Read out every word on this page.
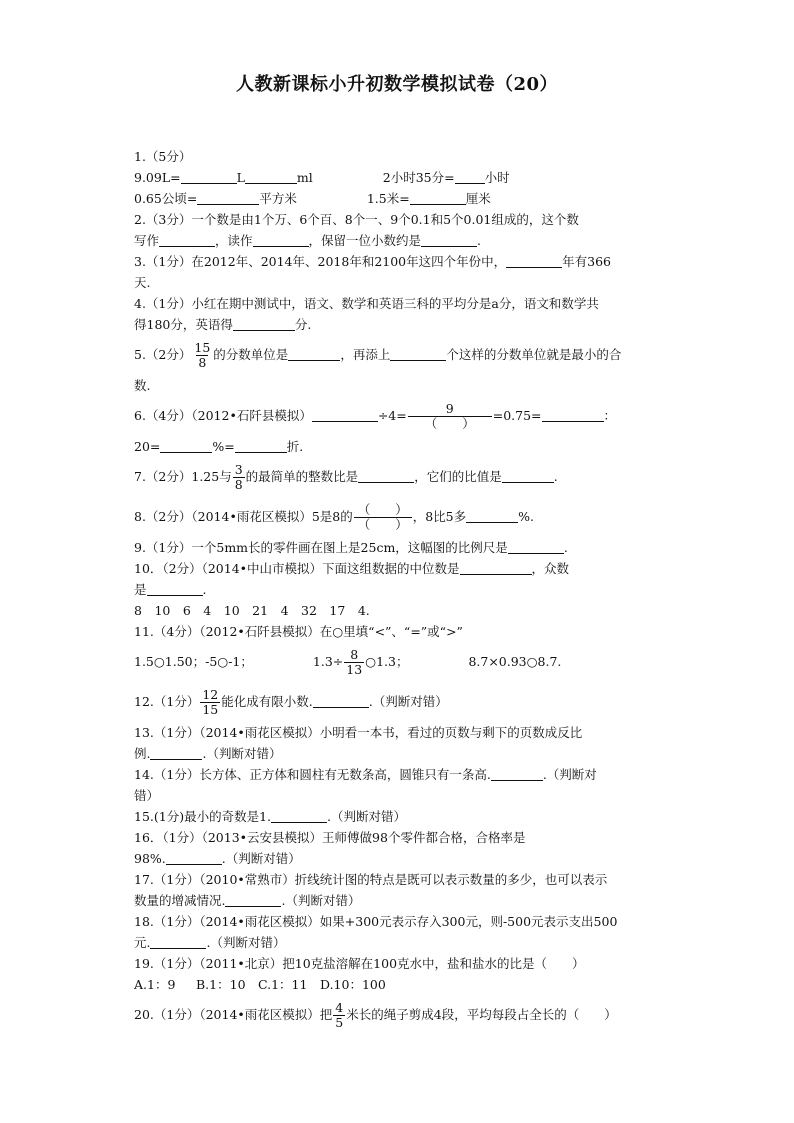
人教新课标小升初数学模拟试卷（20）
1.（5分）
9.09L=	L	ml	2小时35分= 小时
0.65公顷=	平方米	1.5米=	厘米
2.（3分）一个数是由1个万、6个百、8个一、9个0.1和5个0.01组成的，这个数
写作	，读作	，保留一位小数约是	.
3.（1分）在2012年、2014年、2018年和2100年这四个年份中，	年有366
天.
4.（1分）小红在期中测试中，语文、数学和英语三科的平均分是a分，语文和数学共
得180分，英语得	分.
5.（2分） $\frac{15}{8}$ 的分数单位是	，再添上	个这样的分数单位就是最小的合
数.
6.（4分）（2012•石阡县模拟）	$\div 4= \frac{9}{( )} =0.75=$	：
20=	%=	折.
7.（2分）1.25与 $\frac{3}{8}$ 的最简单的整数比是	，它们的比值是	.
8.（2分）（2014•雨花区模拟）5是8的 $\frac{( )}{( )}$ ，8比5多	%.
9.（1分）一个5mm长的零件画在图上是25cm，这幅图的比例尺是	.
10．（2分）（2014•中山市模拟）下面这组数据的中位数是	，众数
是	.
8　10　6　4　10　21　4　32　17　4.
11.（4分）（2012•石阡县模拟）在○里填“<”、“=”或“>”
1.5○1.50；-5○-1；	$1.3\div \frac{8}{13}$ ○1.3；	8.7×0.93○8.7.
12.（1分） $\frac{12}{15}$ 能化成有限小数.	.（判断对错）
13.（1分）（2014•雨花区模拟）小明看一本书，看过的页数与剩下的页数成反比
例.	.（判断对错）
14.（1分）长方体、正方体和圆柱有无数条高，圆锥只有一条高.	.（判断对
错）
15.(1分)最小的奇数是1.	.（判断对错）
16．（1分）（2013•云安县模拟）王师傅做98个零件都合格，合格率是
98%.	.（判断对错）
17.（1分）（2010•常熟市）折线统计图的特点是既可以表示数量的多少，也可以表示
数量的增减情况.	.（判断对错）
18.（1分）（2014•雨花区模拟）如果+300元表示存入300元，则-500元表示支出500
元.	.（判断对错）
19.（1分）（2011•北京）把10克盐溶解在100克水中，盐和盐水的比是（　　）
A.1：9 B.1：10 C.1：11 D.10：100
20.（1分）（2014•雨花区模拟）把 $\frac{4}{5}$ 米长的绳子剪成4段，平均每段占全长的（　　）
